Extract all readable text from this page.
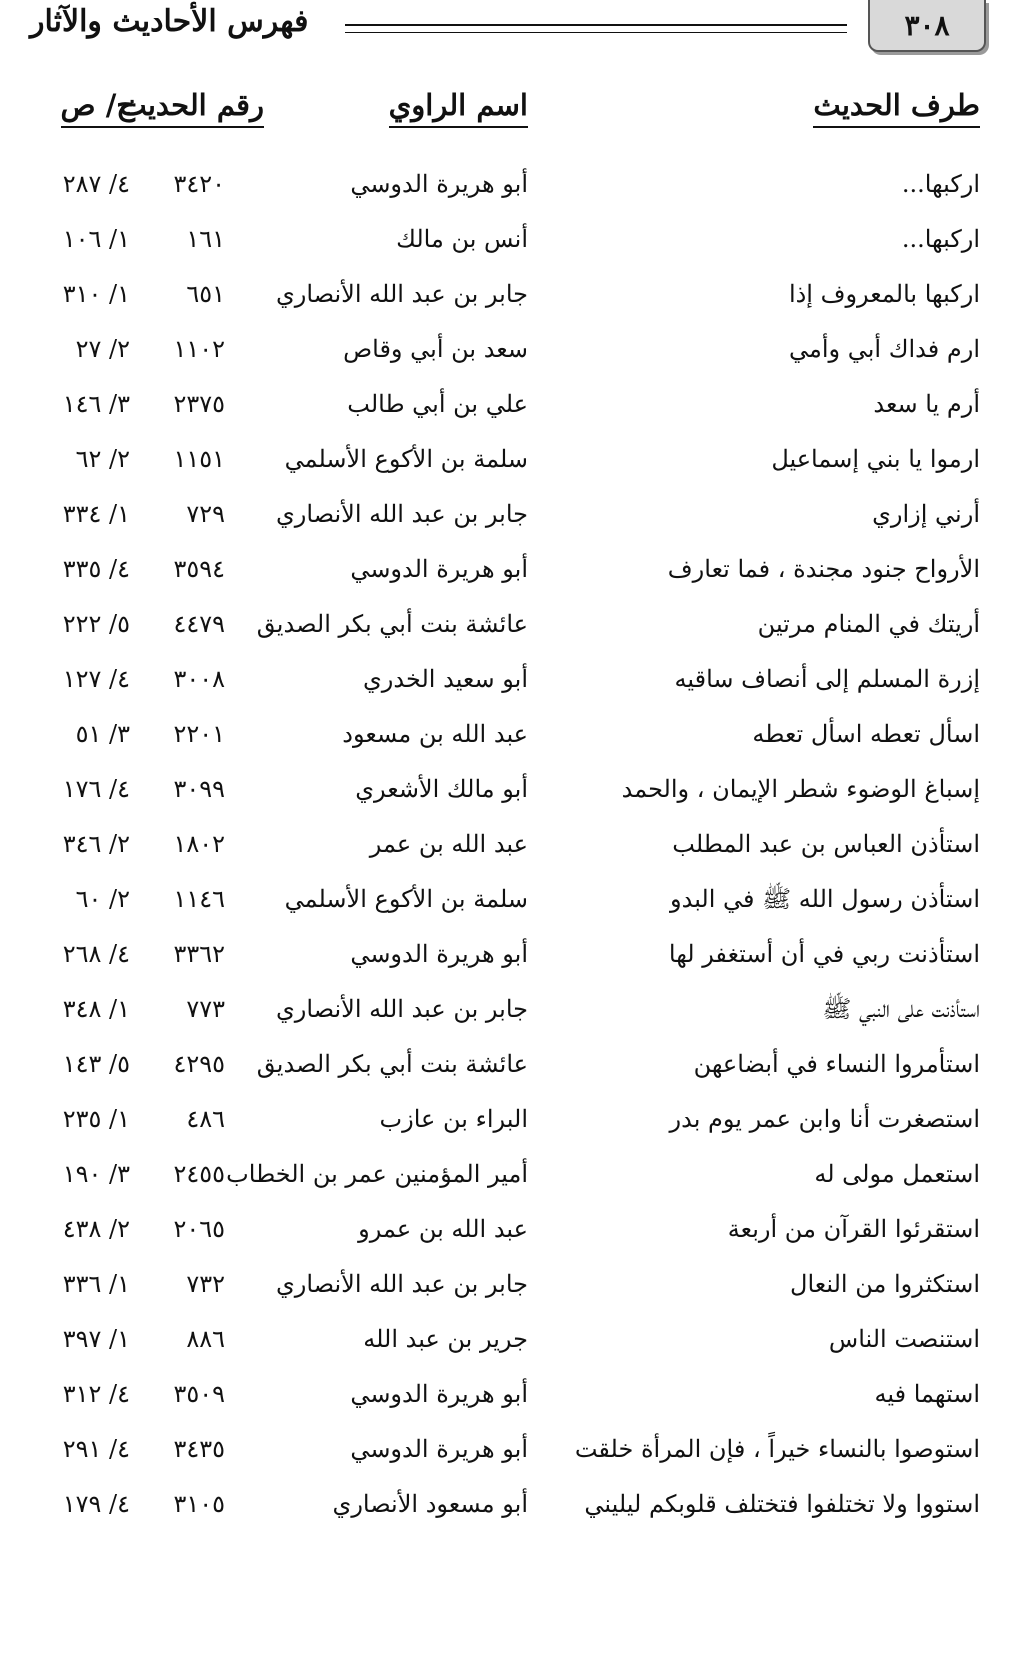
٣٠٨
فهرس الأحاديث والآثار
طرف الحديث
اسم الراوي
رقم الحديث
ج/ ص
اركبها...
أبو هريرة الدوسي
٣٤٢٠
٤/ ٢٨٧
اركبها...
أنس بن مالك
١٦١
١/ ١٠٦
اركبها بالمعروف إذا
جابر بن عبد الله الأنصاري
٦٥١
١/ ٣١٠
ارم فداك أبي وأمي
سعد بن أبي وقاص
١١٠٢
٢/ ٢٧
أرم يا سعد
علي بن أبي طالب
٢٣٧٥
٣/ ١٤٦
ارموا يا بني إسماعيل
سلمة بن الأكوع الأسلمي
١١٥١
٢/ ٦٢
أرني إزاري
جابر بن عبد الله الأنصاري
٧٢٩
١/ ٣٣٤
الأرواح جنود مجندة ، فما تعارف
أبو هريرة الدوسي
٣٥٩٤
٤/ ٣٣٥
أريتك في المنام مرتين
عائشة بنت أبي بكر الصديق
٤٤٧٩
٥/ ٢٢٢
إزرة المسلم إلى أنصاف ساقيه
أبو سعيد الخدري
٣٠٠٨
٤/ ١٢٧
اسأل تعطه اسأل تعطه
عبد الله بن مسعود
٢٢٠١
٣/ ٥١
إسباغ الوضوء شطر الإيمان ، والحمد
أبو مالك الأشعري
٣٠٩٩
٤/ ١٧٦
استأذن العباس بن عبد المطلب
عبد الله بن عمر
١٨٠٢
٢/ ٣٤٦
استأذن رسول الله ﷺ في البدو
سلمة بن الأكوع الأسلمي
١١٤٦
٢/ ٦٠
استأذنت ربي في أن أستغفر لها
أبو هريرة الدوسي
٣٣٦٢
٤/ ٢٦٨
استأذنت على النبي ﷺ
جابر بن عبد الله الأنصاري
٧٧٣
١/ ٣٤٨
استأمروا النساء في أبضاعهن
عائشة بنت أبي بكر الصديق
٤٢٩٥
٥/ ١٤٣
استصغرت أنا وابن عمر يوم بدر
البراء بن عازب
٤٨٦
١/ ٢٣٥
استعمل مولى له
أمير المؤمنين عمر بن الخطاب
٢٤٥٥
٣/ ١٩٠
استقرئوا القرآن من أربعة
عبد الله بن عمرو
٢٠٦٥
٢/ ٤٣٨
استكثروا من النعال
جابر بن عبد الله الأنصاري
٧٣٢
١/ ٣٣٦
استنصت الناس
جرير بن عبد الله
٨٨٦
١/ ٣٩٧
استهما فيه
أبو هريرة الدوسي
٣٥٠٩
٤/ ٣١٢
استوصوا بالنساء خيراً ، فإن المرأة خلقت
أبو هريرة الدوسي
٣٤٣٥
٤/ ٢٩١
استووا ولا تختلفوا فتختلف قلوبكم ليليني
أبو مسعود الأنصاري
٣١٠٥
٤/ ١٧٩
